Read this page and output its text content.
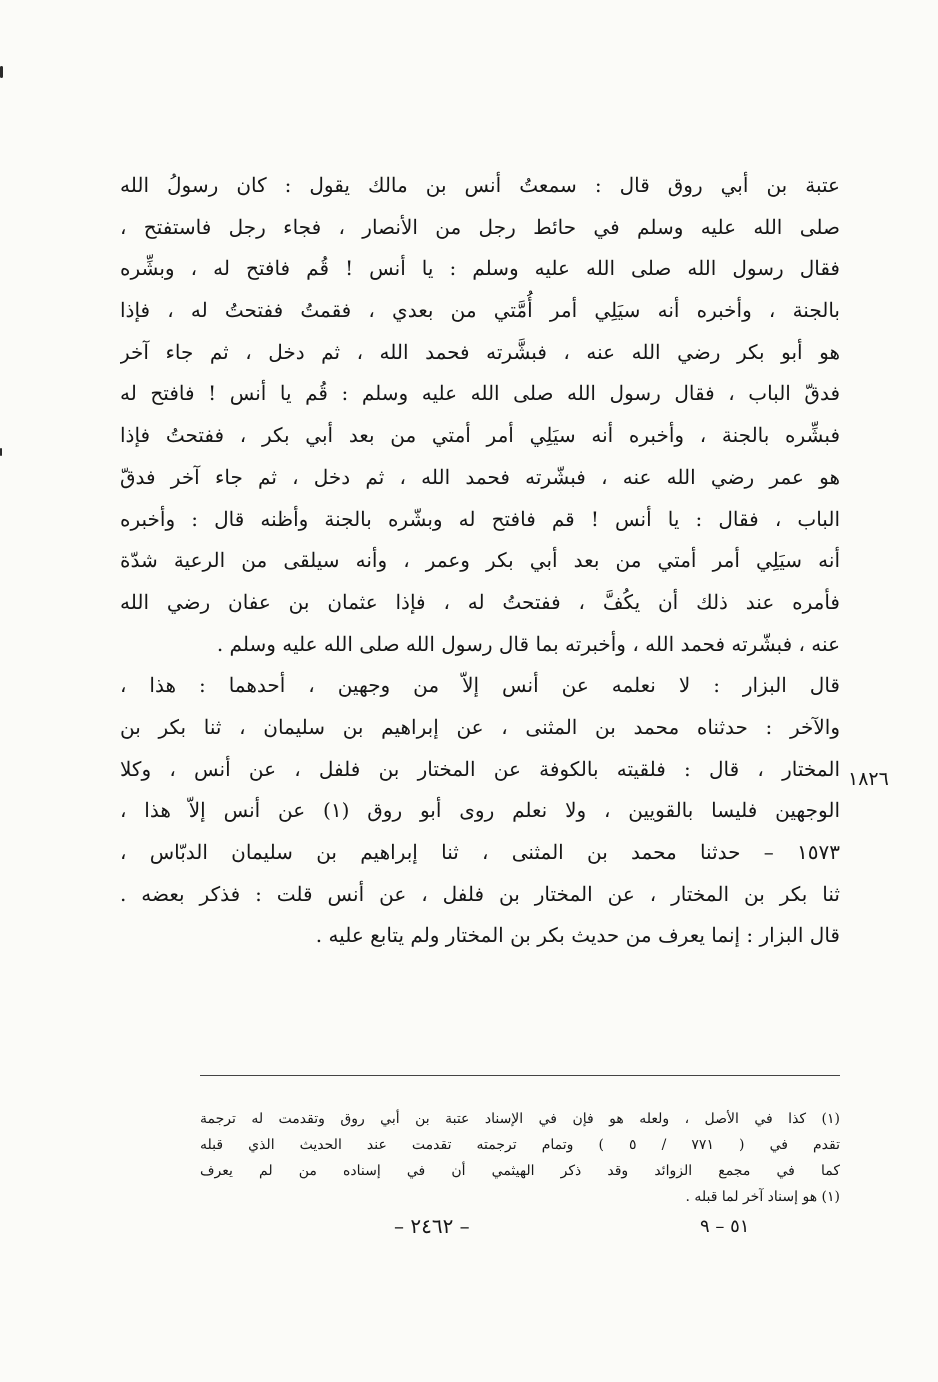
عتبة بن أبي روق قال : سمعتُ أنس بن مالك يقول : كان رسولُ الله
صلى الله عليه وسلم في حائط رجل من الأنصار ، فجاء رجل فاستفتح ،
فقال رسول الله صلى الله عليه وسلم : يا أنس ! قُم فافتح له ، وبشِّره
بالجنة ، وأخبره أنه سيَلِي أمر أُمَّتي من بعدي ، فقمتُ ففتحتُ له ، فإذا
هو أبو بكر رضي الله عنه ، فبشَّرته فحمد الله ، ثم دخل ، ثم جاء آخر
فدقّ الباب ، فقال رسول الله صلى الله عليه وسلم : قُم يا أنس ! فافتح له
فبشِّره بالجنة ، وأخبره أنه سيَلِي أمر أمتي من بعد أبي بكر ، ففتحتُ فإذا
هو عمر رضي الله عنه ، فبشّرته فحمد الله ، ثم دخل ، ثم جاء آخر فدقّ
الباب ، فقال : يا أنس ! قم فافتح له وبشّره بالجنة وأظنه قال : وأخبره
أنه سيَلِي أمر أمتي من بعد أبي بكر وعمر ، وأنه سيلقى من الرعية شدّة
فأمره عند ذلك أن يكُفَّ ، ففتحتُ له ، فإذا عثمان بن عفان رضي الله
عنه ، فبشّرته فحمد الله ، وأخبرته بما قال رسول الله صلى الله عليه وسلم .
قال البزار : لا نعلمه عن أنس إلاّ من وجهين ، أحدهما : هذا ،
والآخر : حدثناه محمد بن المثنى ، عن إبراهيم بن سليمان ، ثنا بكر بن
المختار ، قال : فلقيته بالكوفة عن المختار بن فلفل ، عن أنس ، وكلا
الوجهين فليسا بالقويين ، ولا نعلم روى أبو روق (١) عن أنس إلاّ هذا ،
١٥٧٣ – حدثنا محمد بن المثنى ، ثنا إبراهيم بن سليمان الدبّاس ،
ثنا بكر بن المختار ، عن المختار بن فلفل ، عن أنس قلت : فذكر بعضه .
قال البزار : إنما يعرف من حديث بكر بن المختار ولم يتابع عليه .
١٨٢٦
(١) كذا في الأصل ، ولعله هو فإن في الإسناد عتبة بن أبي روق وتقدمت له ترجمة
تقدم في ( ٧٧١ / ٥ ) وتمام ترجمته تقدمت عند الحديث الذي قبله
كما في مجمع الزوائد وقد ذكر الهيثمي أن في إسناده من لم يعرف
(١) هو إسناد آخر لما قبله .
– ٢٤٦٢ –	٥١ – ٩
